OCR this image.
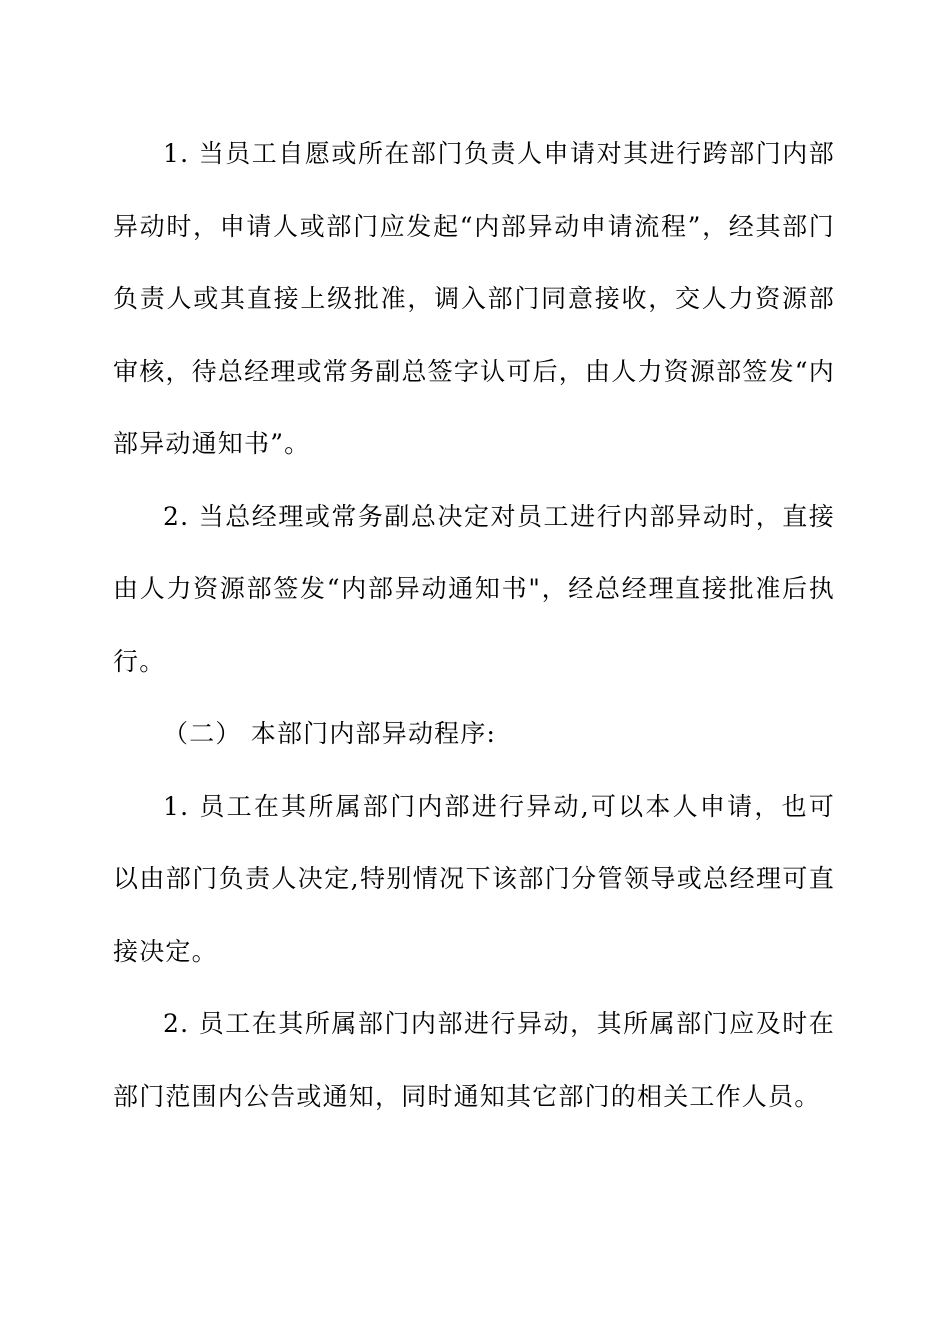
1. 当员工自愿或所在部门负责人申请对其进行跨部门内部异动时，申请人或部门应发起“内部异动申请流程”，经其部门负责人或其直接上级批准，调入部门同意接收，交人力资源部审核，待总经理或常务副总签字认可后，由人力资源部签发“内部异动通知书”。

2. 当总经理或常务副总决定对员工进行内部异动时，直接由人力资源部签发“内部异动通知书"，经总经理直接批准后执行。

（二） 本部门内部异动程序:

1. 员工在其所属部门内部进行异动,可以本人申请，也可以由部门负责人决定,特别情况下该部门分管领导或总经理可直接决定。

2. 员工在其所属部门内部进行异动，其所属部门应及时在部门范围内公告或通知，同时通知其它部门的相关工作人员。
